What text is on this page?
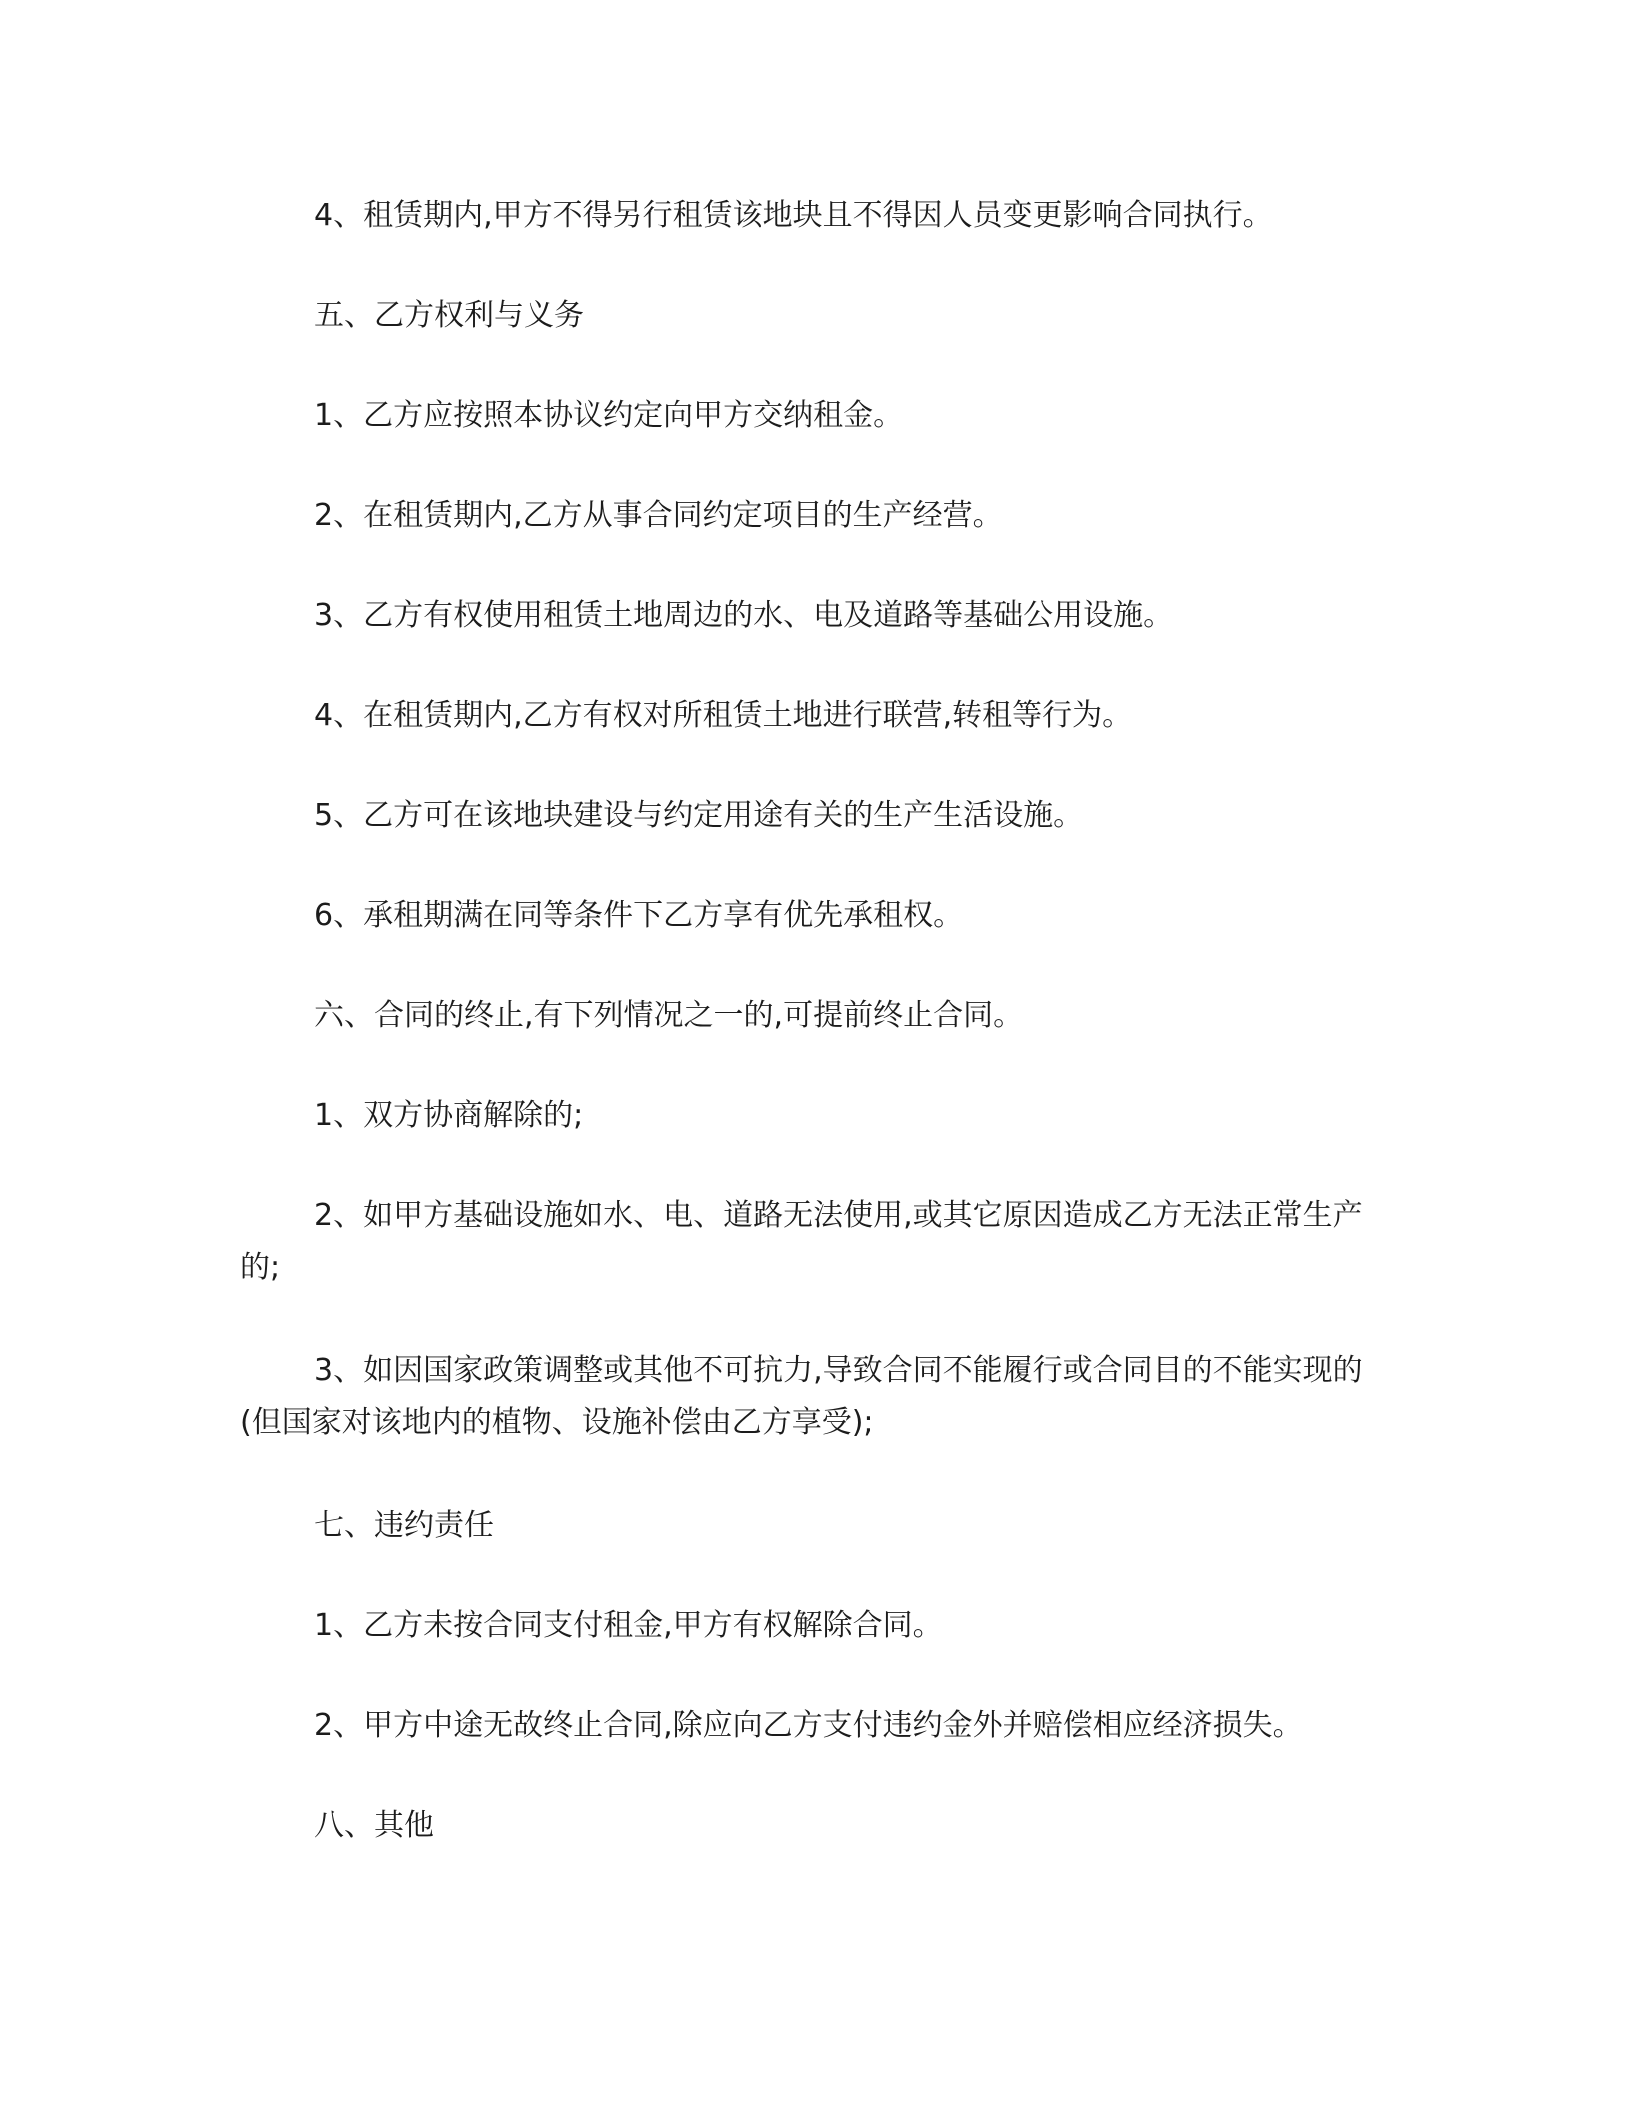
4、租赁期内,甲方不得另行租赁该地块且不得因人员变更影响合同执行。

五、乙方权利与义务

1、乙方应按照本协议约定向甲方交纳租金。

2、在租赁期内,乙方从事合同约定项目的生产经营。

3、乙方有权使用租赁土地周边的水、电及道路等基础公用设施。

4、在租赁期内,乙方有权对所租赁土地进行联营,转租等行为。

5、乙方可在该地块建设与约定用途有关的生产生活设施。

6、承租期满在同等条件下乙方享有优先承租权。

六、合同的终止,有下列情况之一的,可提前终止合同。

1、双方协商解除的;

2、如甲方基础设施如水、电、道路无法使用,或其它原因造成乙方无法正常生产的;

3、如因国家政策调整或其他不可抗力,导致合同不能履行或合同目的不能实现的(但国家对该地内的植物、设施补偿由乙方享受);

七、违约责任

1、乙方未按合同支付租金,甲方有权解除合同。

2、甲方中途无故终止合同,除应向乙方支付违约金外并赔偿相应经济损失。

八、其他
